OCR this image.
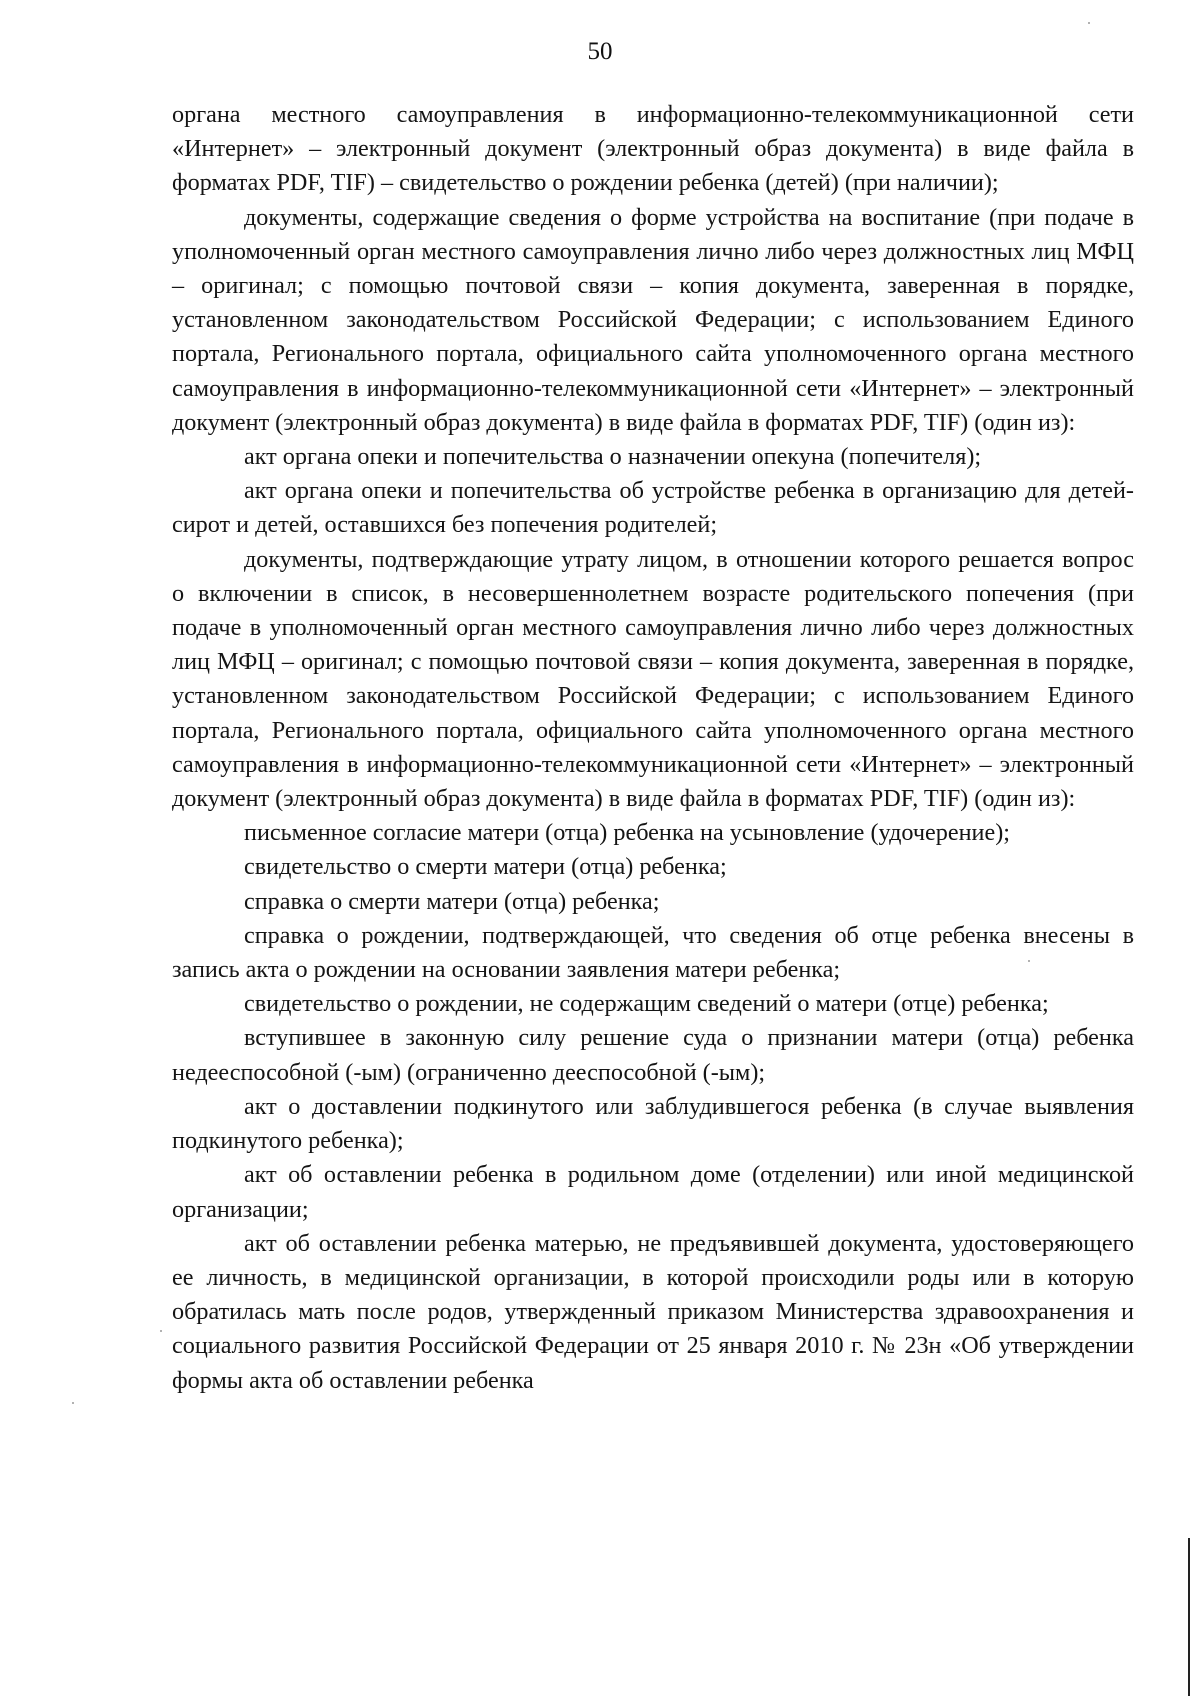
50

органа местного самоуправления в информационно-телекоммуникационной сети «Интернет» – электронный документ (электронный образ документа) в виде файла в форматах PDF, TIF) – свидетельство о рождении ребенка (детей) (при наличии);

документы, содержащие сведения о форме устройства на воспитание (при подаче в уполномоченный орган местного самоуправления лично либо через должностных лиц МФЦ – оригинал; с помощью почтовой связи – копия документа, заверенная в порядке, установленном законодательством Российской Федерации; с использованием Единого портала, Регионального портала, официального сайта уполномоченного органа местного самоуправления в информационно-телекоммуникационной сети «Интернет» – электронный документ (электронный образ документа) в виде файла в форматах PDF, TIF) (один из):

акт органа опеки и попечительства о назначении опекуна (попечителя);

акт органа опеки и попечительства об устройстве ребенка в организацию для детей-сирот и детей, оставшихся без попечения родителей;

документы, подтверждающие утрату лицом, в отношении которого решается вопрос о включении в список, в несовершеннолетнем возрасте родительского попечения (при подаче в уполномоченный орган местного самоуправления лично либо через должностных лиц МФЦ – оригинал; с помощью почтовой связи – копия документа, заверенная в порядке, установленном законодательством Российской Федерации; с использованием Единого портала, Регионального портала, официального сайта уполномоченного органа местного самоуправления в информационно-телекоммуникационной сети «Интернет» – электронный документ (электронный образ документа) в виде файла в форматах PDF, TIF) (один из):

письменное согласие матери (отца) ребенка на усыновление (удочерение);

свидетельство о смерти матери (отца) ребенка;

справка о смерти матери (отца) ребенка;

справка о рождении, подтверждающей, что сведения об отце ребенка внесены в запись акта о рождении на основании заявления матери ребенка;

свидетельство о рождении, не содержащим сведений о матери (отце) ребенка;

вступившее в законную силу решение суда о признании матери (отца) ребенка недееспособной (-ым) (ограниченно дееспособной (-ым);

акт о доставлении подкинутого или заблудившегося ребенка (в случае выявления подкинутого ребенка);

акт об оставлении ребенка в родильном доме (отделении) или иной медицинской организации;

акт об оставлении ребенка матерью, не предъявившей документа, удостоверяющего ее личность, в медицинской организации, в которой происходили роды или в которую обратилась мать после родов, утвержденный приказом Министерства здравоохранения и социального развития Российской Федерации от 25 января 2010 г. № 23н «Об утверждении формы акта об оставлении ребенка
